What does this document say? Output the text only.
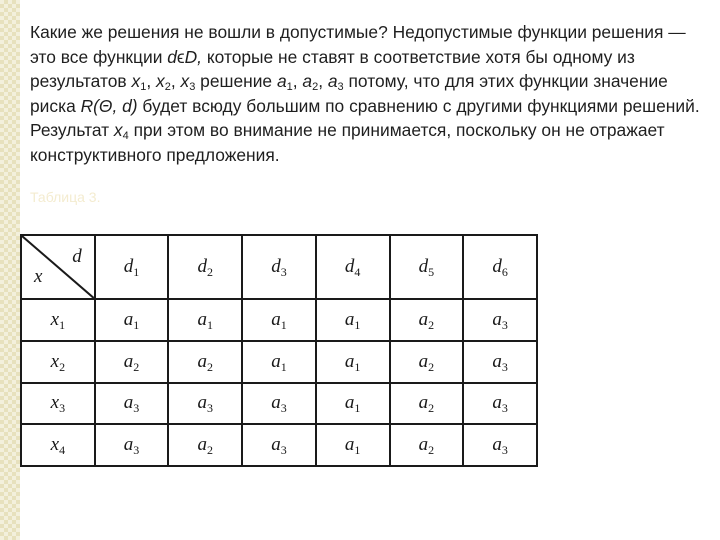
Какие же решения не вошли в допустимые? Недопустимые функции решения — это все функции dϵD, которые не ставят в соответствие хотя бы одному из результатов $x_1$, $x_2$, $x_3$ решение $a_1$, $a_2$, $a_3$ потому, что для этих функции значение риска R(Θ, d) будет всюду большим по сравнению с другими функциями решений. Результат $x_4$ при этом во внимание не принимается, поскольку он не отражает конструктивного предложения.

Таблица 3.
d
x	$d_1$	$d_2$	$d_3$	$d_4$	$d_5$	$d_6$
$x_1$	$a_1$	$a_1$	$a_1$	$a_1$	$a_2$	$a_3$
$x_2$	$a_2$	$a_2$	$a_1$	$a_1$	$a_2$	$a_3$
$x_3$	$a_3$	$a_3$	$a_3$	$a_1$	$a_2$	$a_3$
$x_4$	$a_3$	$a_2$	$a_3$	$a_1$	$a_2$	$a_3$
